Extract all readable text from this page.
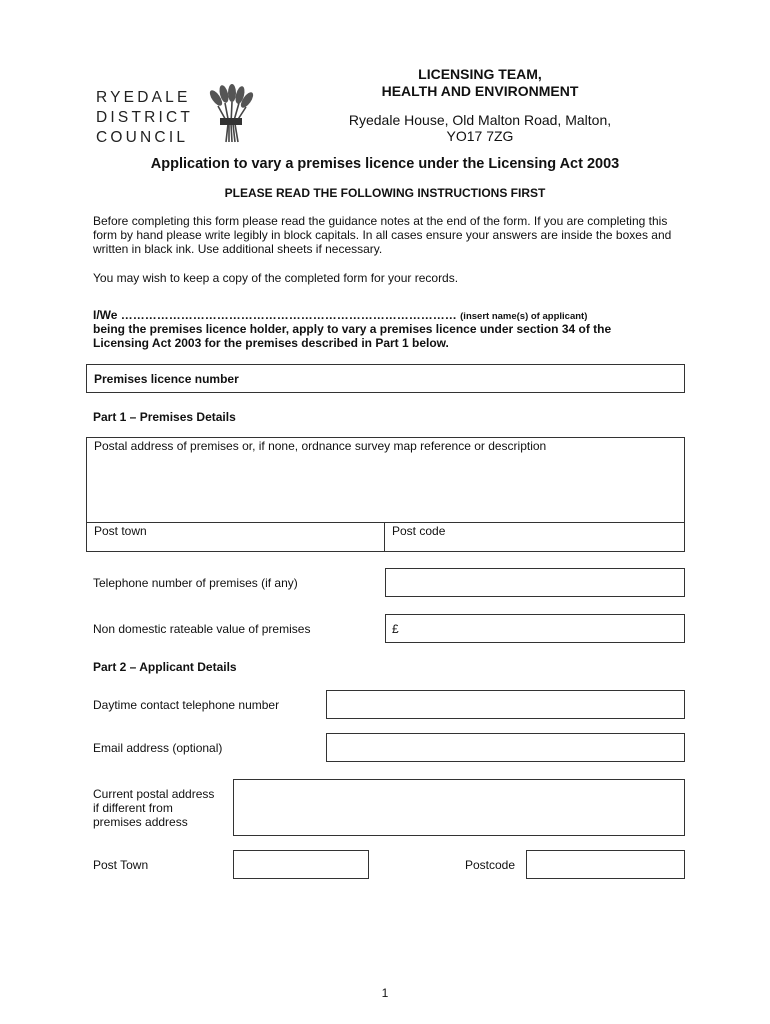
RYEDALE
DISTRICT
COUNCIL
LICENSING TEAM,
HEALTH AND ENVIRONMENT
Ryedale House, Old Malton Road, Malton,
YO17 7ZG
Application to vary a premises licence under the Licensing Act 2003
PLEASE READ THE FOLLOWING INSTRUCTIONS FIRST
Before completing this form please read the guidance notes at the end of the form. If you are completing this form by hand please write legibly in block capitals. In all cases ensure your answers are inside the boxes and written in black ink. Use additional sheets if necessary.
You may wish to keep a copy of the completed form for your records.
I/We ………………………………………………………………………… (insert name(s) of applicant)
being the premises licence holder, apply to vary a premises licence under section 34 of the Licensing Act 2003 for the premises described in Part 1 below.
Premises licence number
Part 1 – Premises Details
Postal address of premises or, if none, ordnance survey map reference or description
Post town	Post code
Telephone number of premises (if any)
Non domestic rateable value of premises	£
Part 2 – Applicant Details
Daytime contact telephone number
Email address (optional)
Current postal address
if different from
premises address
Post Town	Postcode
1
